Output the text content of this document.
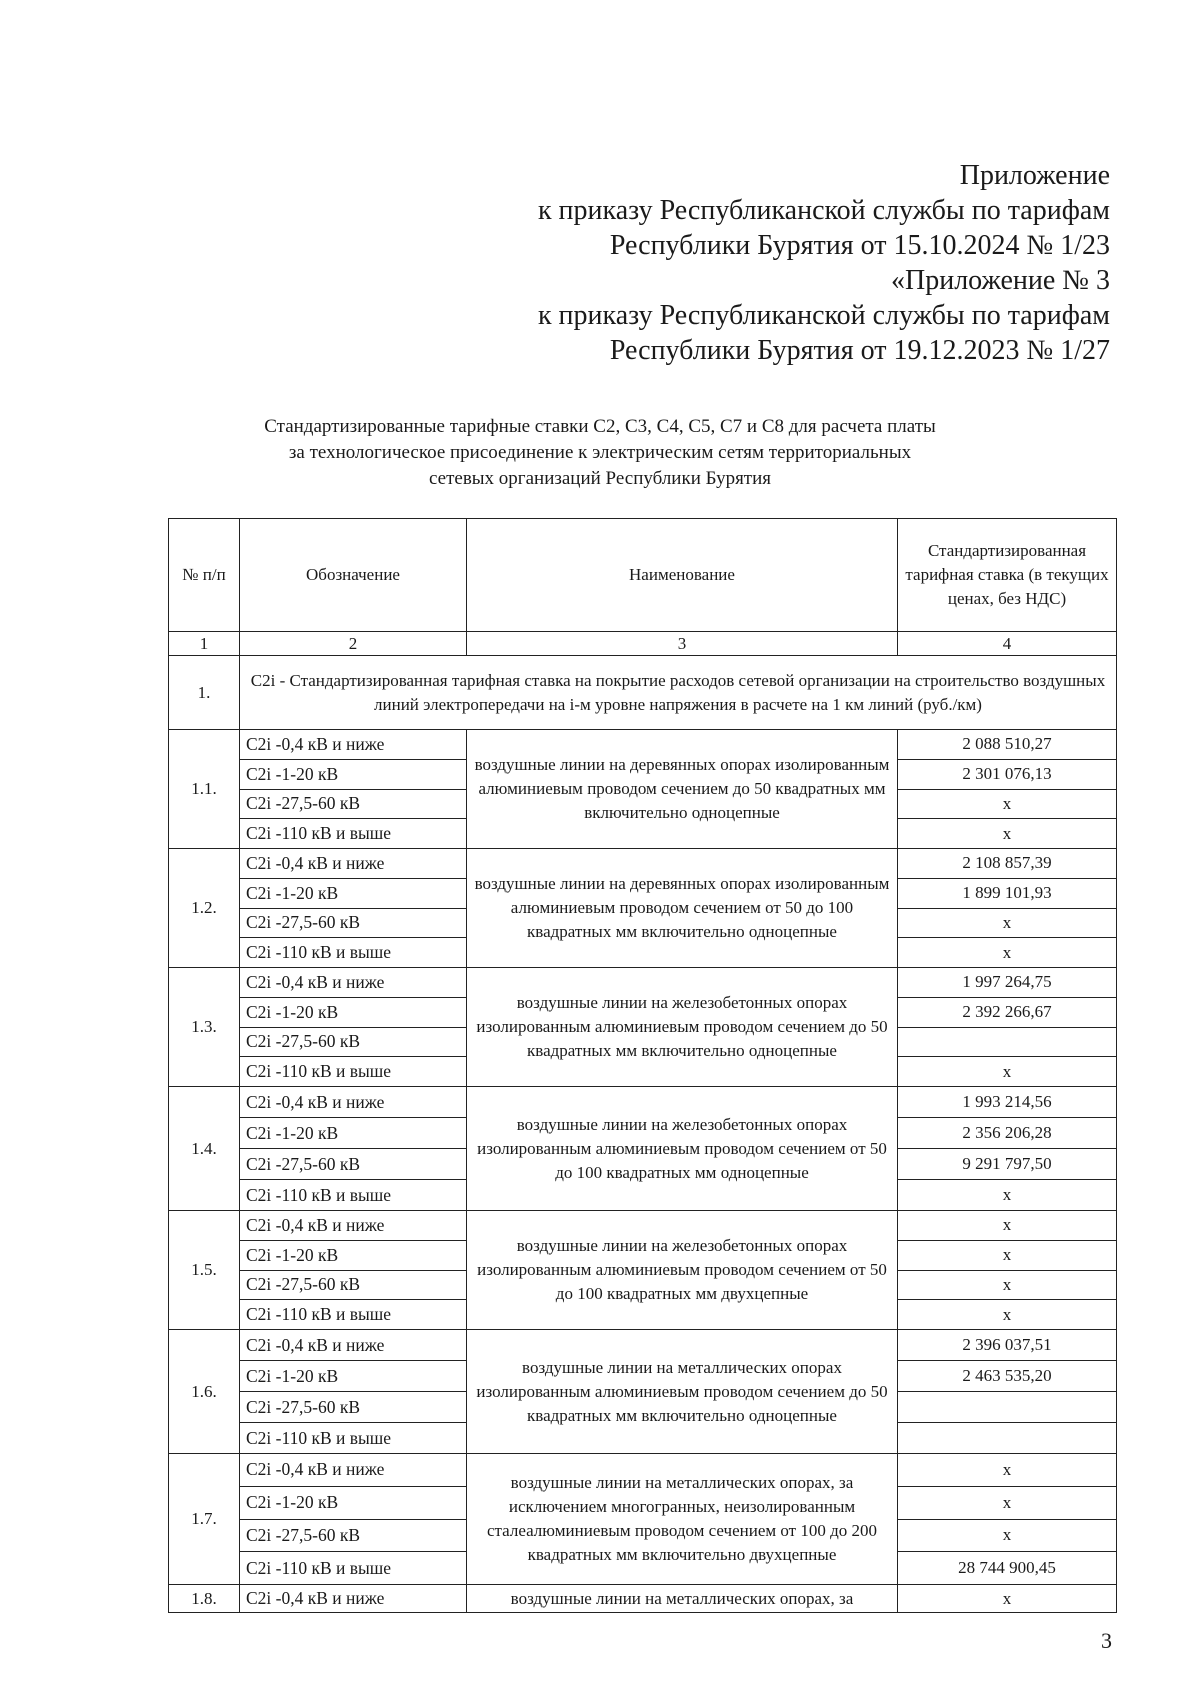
Приложение
к приказу Республиканской службы по тарифам
Республики Бурятия от 15.10.2024 № 1/23
«Приложение № 3
к приказу Республиканской службы по тарифам
Республики Бурятия от 19.12.2023 № 1/27
Стандартизированные тарифные ставки С2, С3, С4, С5, С7 и С8 для расчета платы
за технологическое присоединение к электрическим сетям территориальных
сетевых организаций Республики Бурятия
№ п/п	Обозначение	Наименование	Стандартизированная тарифная ставка (в текущих ценах, без НДС)
1	2	3	4
1.	C2i - Стандартизированная тарифная ставка на покрытие расходов сетевой организации на строительство воздушных линий электропередачи на i-м уровне напряжения в расчете на 1 км линий (руб./км)		
1.1.	C2i -0,4 кВ и ниже	воздушные линии на деревянных опорах изолированным алюминиевым проводом сечением до 50 квадратных мм включительно одноцепные	2 088 510,27
	C2i -1-20 кВ		2 301 076,13
	C2i -27,5-60 кВ		x
	C2i -110 кВ и выше		x
1.2.	C2i -0,4 кВ и ниже	воздушные линии на деревянных опорах изолированным алюминиевым проводом сечением от 50 до 100 квадратных мм включительно одноцепные	2 108 857,39
	C2i -1-20 кВ		1 899 101,93
	C2i -27,5-60 кВ		x
	C2i -110 кВ и выше		x
1.3.	C2i -0,4 кВ и ниже	воздушные линии на железобетонных опорах изолированным алюминиевым проводом сечением до 50 квадратных мм включительно одноцепные	1 997 264,75
	C2i -1-20 кВ		2 392 266,67
	C2i -27,5-60 кВ		
	C2i -110 кВ и выше		x
1.4.	C2i -0,4 кВ и ниже	воздушные линии на железобетонных опорах изолированным алюминиевым проводом сечением от 50 до 100 квадратных мм одноцепные	1 993 214,56
	C2i -1-20 кВ		2 356 206,28
	C2i -27,5-60 кВ		9 291 797,50
	C2i -110 кВ и выше		x
1.5.	C2i -0,4 кВ и ниже	воздушные линии на железобетонных опорах изолированным алюминиевым проводом сечением от 50 до 100 квадратных мм двухцепные	x
	C2i -1-20 кВ		x
	C2i -27,5-60 кВ		x
	C2i -110 кВ и выше		x
1.6.	C2i -0,4 кВ и ниже	воздушные линии на металлических опорах изолированным алюминиевым проводом сечением до 50 квадратных мм включительно одноцепные	2 396 037,51
	C2i -1-20 кВ		2 463 535,20
	C2i -27,5-60 кВ		
	C2i -110 кВ и выше		
1.7.	C2i -0,4 кВ и ниже	воздушные линии на металлических опорах, за исключением многогранных, неизолированным сталеалюминиевым проводом сечением от 100 до 200 квадратных мм включительно двухцепные	x
	C2i -1-20 кВ		x
	C2i -27,5-60 кВ		x
	C2i -110 кВ и выше		28 744 900,45
1.8.	C2i -0,4 кВ и ниже	воздушные линии на металлических опорах, за	x
3
